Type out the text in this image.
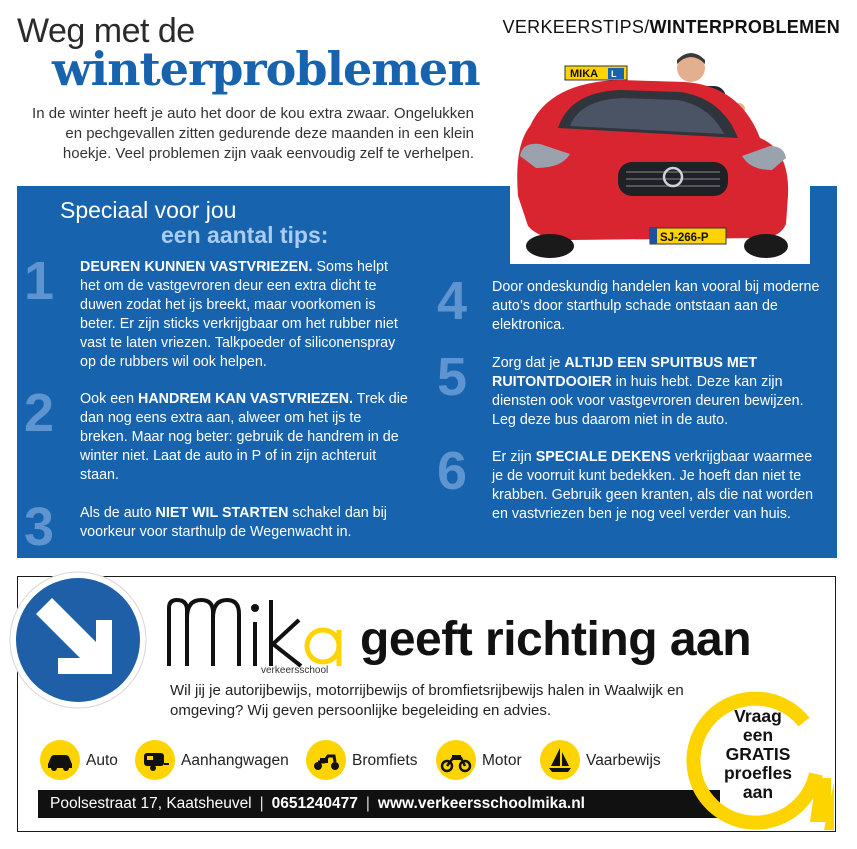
Weg met de
winterproblemen
VERKEERSTIPS/WINTERPROBLEMEN
In de winter heeft je auto het door de kou extra zwaar. Ongelukken en pechgevallen zitten gedurende deze maanden in een klein hoekje. Veel problemen zijn vaak eenvoudig zelf te verhelpen.
MIKA L
SJ-266-P
Speciaal voor jou
een aantal tips:
1 DEUREN KUNNEN VASTVRIEZEN. Soms helpt het om de vastgevroren deur een extra dicht te duwen zodat het ijs breekt, maar voorkomen is beter. Er zijn sticks verkrijgbaar om het rubber niet vast te laten vriezen. Talkpoeder of siliconenspray op de rubbers wil ook helpen.
2 Ook een HANDREM KAN VASTVRIEZEN. Trek die dan nog eens extra aan, alweer om het ijs te breken. Maar nog beter: gebruik de handrem in de winter niet. Laat de auto in P of in zijn achteruit staan.
3 Als de auto NIET WIL STARTEN schakel dan bij voorkeur voor starthulp de Wegenwacht in.
4 Door ondeskundig handelen kan vooral bij moderne auto’s door starthulp schade ontstaan aan de elektronica.
5 Zorg dat je ALTIJD EEN SPUITBUS MET RUITONTDOOIER in huis hebt. Deze kan zijn diensten ook voor vastgevroren deuren bewijzen. Leg deze bus daarom niet in de auto.
6 Er zijn SPECIALE DEKENS verkrijgbaar waarmee je de voorruit kunt bedekken. Je hoeft dan niet te krabben. Gebruik geen kranten, als die nat worden en vastvriezen ben je nog veel verder van huis.
verkeersschool
geeft richting aan
Wil jij je autorijbewijs, motorrijbewijs of bromfietsrijbewijs halen in Waalwijk en omgeving? Wij geven persoonlijke begeleiding en advies.
Auto	Aanhangwagen	Bromfiets	Motor	Vaarbewijs
Poolsestraat 17, Kaatsheuvel | 0651240477 | www.verkeersschoolmika.nl
Vraag
een
GRATIS
proefles
aan
